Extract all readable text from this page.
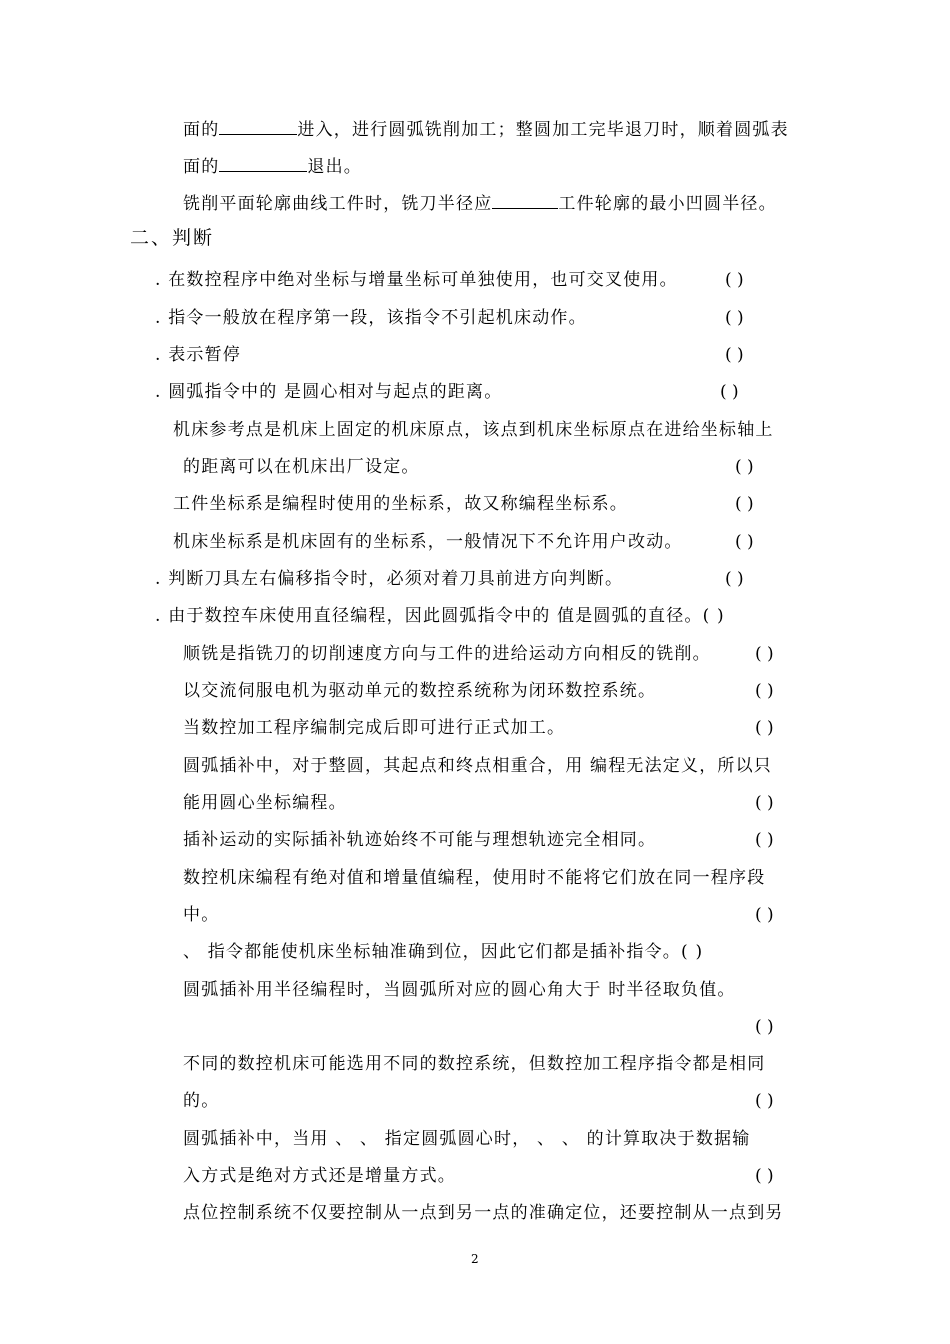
面的	进入，进行圆弧铣削加工；整圆加工完毕退刀时，顺着圆弧表
面的	退出。
铣削平面轮廓曲线工件时，铣刀半径应	工件轮廓的最小凹圆半径。
二、判断
. 在数控程序中绝对坐标与增量坐标可单独使用，也可交叉使用。	( )
. 指令一般放在程序第一段，该指令不引起机床动作。	( )
. 表示暂停	( )
. 圆弧指令中的 是圆心相对与起点的距离。	( )
机床参考点是机床上固定的机床原点，该点到机床坐标原点在进给坐标轴上
的距离可以在机床出厂设定。	( )
工件坐标系是编程时使用的坐标系，故又称编程坐标系。	( )
机床坐标系是机床固有的坐标系，一般情况下不允许用户改动。	( )
. 判断刀具左右偏移指令时，必须对着刀具前进方向判断。	( )
. 由于数控车床使用直径编程，因此圆弧指令中的 值是圆弧的直径。( )
顺铣是指铣刀的切削速度方向与工件的进给运动方向相反的铣削。	( )
以交流伺服电机为驱动单元的数控系统称为闭环数控系统。	( )
当数控加工程序编制完成后即可进行正式加工。	( )
圆弧插补中，对于整圆，其起点和终点相重合，用 编程无法定义，所以只
能用圆心坐标编程。	( )
插补运动的实际插补轨迹始终不可能与理想轨迹完全相同。	( )
数控机床编程有绝对值和增量值编程，使用时不能将它们放在同一程序段
中。	( )
、 指令都能使机床坐标轴准确到位，因此它们都是插补指令。( )
圆弧插补用半径编程时，当圆弧所对应的圆心角大于 时半径取负值。
( )
不同的数控机床可能选用不同的数控系统，但数控加工程序指令都是相同
的。	( )
圆弧插补中，当用 、 、 指定圆弧圆心时， 、 、 的计算取决于数据输
入方式是绝对方式还是增量方式。	( )
点位控制系统不仅要控制从一点到另一点的准确定位，还要控制从一点到另
2
